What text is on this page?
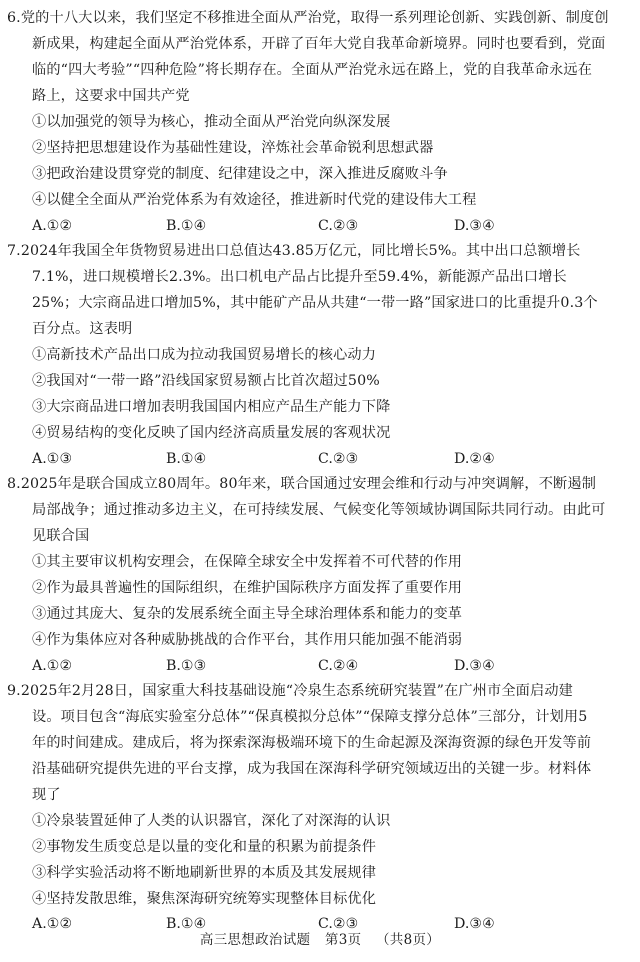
6.党的十八大以来，我们坚定不移推进全面从严治党，取得一系列理论创新、实践创新、制度创
新成果，构建起全面从严治党体系，开辟了百年大党自我革命新境界。同时也要看到，党面
临的“四大考验”“四种危险”将长期存在。全面从严治党永远在路上，党的自我革命永远在
路上，这要求中国共产党
①以加强党的领导为核心，推动全面从严治党向纵深发展
②坚持把思想建设作为基础性建设，淬炼社会革命锐利思想武器
③把政治建设贯穿党的制度、纪律建设之中，深入推进反腐败斗争
④以健全全面从严治党体系为有效途径，推进新时代党的建设伟大工程
A.①②	B.①④	C.②③	D.③④
7.2024年我国全年货物贸易进出口总值达43.85万亿元，同比增长5%。其中出口总额增长
7.1%，进口规模增长2.3%。出口机电产品占比提升至59.4%，新能源产品出口增长
25%；大宗商品进口增加5%，其中能矿产品从共建“一带一路”国家进口的比重提升0.3个
百分点。这表明
①高新技术产品出口成为拉动我国贸易增长的核心动力
②我国对“一带一路”沿线国家贸易额占比首次超过50%
③大宗商品进口增加表明我国国内相应产品生产能力下降
④贸易结构的变化反映了国内经济高质量发展的客观状况
A.①③	B.①④	C.②③	D.②④
8.2025年是联合国成立80周年。80年来，联合国通过安理会维和行动与冲突调解，不断遏制
局部战争；通过推动多边主义，在可持续发展、气候变化等领域协调国际共同行动。由此可
见联合国
①其主要审议机构安理会，在保障全球安全中发挥着不可代替的作用
②作为最具普遍性的国际组织，在维护国际秩序方面发挥了重要作用
③通过其庞大、复杂的发展系统全面主导全球治理体系和能力的变革
④作为集体应对各种威胁挑战的合作平台，其作用只能加强不能消弱
A.①②	B.①③	C.②④	D.③④
9.2025年2月28日，国家重大科技基础设施“冷泉生态系统研究装置”在广州市全面启动建
设。项目包含“海底实验室分总体”“保真模拟分总体”“保障支撑分总体”三部分，计划用5
年的时间建成。建成后，将为探索深海极端环境下的生命起源及深海资源的绿色开发等前
沿基础研究提供先进的平台支撑，成为我国在深海科学研究领域迈出的关键一步。材料体
现了
①冷泉装置延伸了人类的认识器官，深化了对深海的认识
②事物发生质变总是以量的变化和量的积累为前提条件
③科学实验活动将不断地刷新世界的本质及其发展规律
④坚持发散思维，聚焦深海研究统筹实现整体目标优化
A.①②	B.①④	C.②③	D.③④
高三思想政治试题 第3页 （共8页）
